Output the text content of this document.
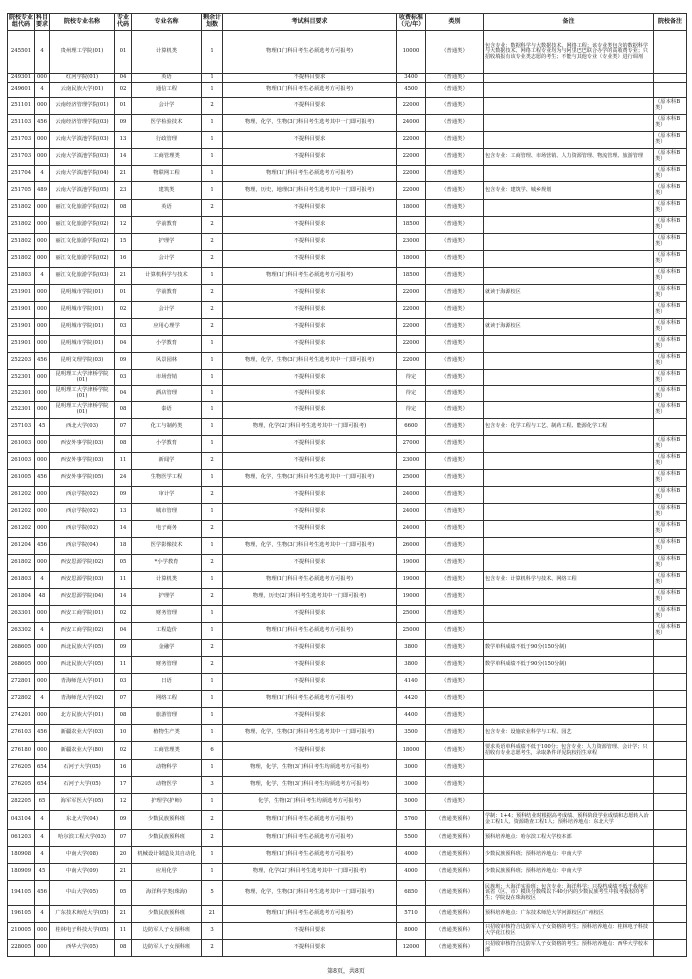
院校专业组代码	科目要求	院校专业名称	专业代码	专业名称	剩余计划数	考试科目要求	收费标准（元/年）	类别	备注	院校备注
245501	4	贵州理工学院(01)	01	计算机类	1	物理(1门科目考生必须选考方可报考)	10000	（普通类）	包含专业：数据科学与大数据技术、网络工程；该专业类包含的数据科学与大数据技术、网络工程专业均为与阿里巴巴联合办学的高收费专业；只招收填报有该专业类志愿的考生；不能与其他专业（专业类）进行调剂	
249301	000	红河学院(01)	04	英语	1	不提科目要求	3400	（普通类）		
249601	4	云南民族大学(01)	02	通信工程	1	物理(1门科目考生必须选考方可报考)	4500	（普通类）		
251101	000	云南经济管理学院(01)	01	会计学	2	不提科目要求	22000	（普通类）		（原本科B类）
251103	456	云南经济管理学院(03)	09	医学检验技术	1	物理，化学，生物(3门科目考生选考其中一门即可报考)	24000	（普通类）		（原本科B类）
251703	000	云南大学滇池学院(03)	13	行政管理	1	不提科目要求	22000	（普通类）		（原本科B类）
251703	000	云南大学滇池学院(03)	14	工商管理类	1	不提科目要求	22000	（普通类）	包含专业：工商管理、市场营销、人力资源管理、物流管理、旅游管理	（原本科B类）
251704	4	云南大学滇池学院(04)	21	物联网工程	1	物理(1门科目考生必须选考方可报考)	22000	（普通类）		（原本科B类）
251705	489	云南大学滇池学院(05)	23	建筑类	1	物理，历史，地理(3门科目考生选考其中一门即可报考)	22000	（普通类）	包含专业：建筑学、城乡规划	（原本科B类）
251802	000	丽江文化旅游学院(02)	08	英语	2	不提科目要求	18000	（普通类）		（原本科B类）
251802	000	丽江文化旅游学院(02)	12	学前教育	2	不提科目要求	18500	（普通类）		（原本科B类）
251802	000	丽江文化旅游学院(02)	15	护理学	2	不提科目要求	23000	（普通类）		（原本科B类）
251802	000	丽江文化旅游学院(02)	16	会计学	2	不提科目要求	18000	（普通类）		（原本科B类）
251803	4	丽江文化旅游学院(03)	21	计算机科学与技术	1	物理(1门科目考生必须选考方可报考)	18500	（普通类）		（原本科B类）
251901	000	昆明城市学院(01)	01	学前教育	2	不提科目要求	22000	（普通类）	就读于海源校区	（原本科B类）
251901	000	昆明城市学院(01)	02	会计学	2	不提科目要求	22000	（普通类）		（原本科B类）
251901	000	昆明城市学院(01)	03	应用心理学	2	不提科目要求	22000	（普通类）	就读于海源校区	（原本科B类）
251901	000	昆明城市学院(01)	04	小学教育	1	不提科目要求	22000	（普通类）		（原本科B类）
252203	456	昆明文理学院(03)	09	风景园林	1	物理，化学，生物(3门科目考生选考其中一门即可报考)	22000	（普通类）		（原本科B类）
252301	000	昆明理工大学津桥学院(01)	03	市场营销	1	不提科目要求	待定	（普通类）		（原本科B类）
252301	000	昆明理工大学津桥学院(01)	04	酒店管理	1	不提科目要求	待定	（普通类）		（原本科B类）
252301	000	昆明理工大学津桥学院(01)	08	泰语	1	不提科目要求	待定	（普通类）		（原本科B类）
257103	45	西北大学(03)	07	化工与制药类	1	物理，化学(2门科目考生选考其中一门即可报考)	6600	（普通类）	包含专业：化学工程与工艺、制药工程、能源化学工程	
261003	000	西安外事学院(03)	08	小学教育	1	不提科目要求	27000	（普通类）		（原本科B类）
261003	000	西安外事学院(03)	11	新闻学	2	不提科目要求	23000	（普通类）		（原本科B类）
261005	456	西安外事学院(05)	24	生物医学工程	1	物理，化学，生物(3门科目考生选考其中一门即可报考)	25000	（普通类）		（原本科B类）
261202	000	西京学院(02)	09	审计学	2	不提科目要求	24000	（普通类）		（原本科B类）
261202	000	西京学院(02)	13	城市管理	1	不提科目要求	24000	（普通类）		（原本科B类）
261202	000	西京学院(02)	14	电子商务	2	不提科目要求	24000	（普通类）		（原本科B类）
261204	456	西京学院(04)	18	医学影像技术	1	物理，化学，生物(3门科目考生选考其中一门即可报考)	26000	（普通类）		（原本科B类）
261802	000	西安思源学院(02)	05	*小学教育	2	不提科目要求	19000	（普通类）		（原本科B类）
261803	4	西安思源学院(03)	11	计算机类	1	物理(1门科目考生必须选考方可报考)	19000	（普通类）	包含专业：计算机科学与技术、网络工程	（原本科B类）
261804	48	西安思源学院(04)	14	护理学	2	物理，历史(2门科目考生选考其中一门即可报考)	19000	（普通类）		（原本科B类）
263301	000	西安工商学院(01)	02	财务管理	1	不提科目要求	25000	（普通类）		（原本科B类）
263302	4	西安工商学院(02)	04	工程造价	1	物理(1门科目考生必须选考方可报考)	25000	（普通类）		（原本科B类）
268605	000	西北民族大学(05)	09	金融学	2	不提科目要求	3800	（普通类）	数学单科成绩不低于90分(150分制)	
268605	000	西北民族大学(05)	11	财务管理	2	不提科目要求	3800	（普通类）	数学单科成绩不低于90分(150分制)	
272801	000	青海师范大学(01)	03	日语	1	不提科目要求	4140	（普通类）		
272802	4	青海师范大学(02)	07	网络工程	1	物理(1门科目考生必须选考方可报考)	4420	（普通类）		
274201	000	北方民族大学(01)	08	旅游管理	1	不提科目要求	4400	（普通类）		
276103	456	新疆农业大学(03)	10	植物生产类	1	物理，化学，生物(3门科目考生选考其中一门即可报考)	3500	（普通类）	包含专业：设施农业科学与工程、园艺	
276180	000	新疆农业大学(80)	02	工商管理类	6	不提科目要求	18000	（普通类）	要求英语单科成绩不低于100分；包含专业：人力资源管理、会计学；只招收有专业志愿考生，录取条件详见院校招生章程	
276205	654	石河子大学(05)	16	动物科学	1	物理，化学，生物(3门科目考生均须选考方可报考)	3000	（普通类）		
276205	654	石河子大学(05)	17	动物医学	3	物理，化学，生物(3门科目考生均须选考方可报考)	3000	（普通类）		
282205	65	海军军医大学(05)	12	护理学(护师)	1	化学，生物(2门科目考生均须选考方可报考)	5000	（普通类）		
043104	4	东北大学(04)	09	少数民族预科班	2	物理(1门科目考生必须选考方可报考)	5760	（普通类预科）	学制：1+4；预科结业时根据高考成绩、预科阶段学业成绩和志愿转入冶金工程1人、资源勘查工程1人；预科培养地点：东北大学	
061203	4	哈尔滨工程大学(03)	07	少数民族预科班	2	物理(1门科目考生必须选考方可报考)	5500	（普通类预科）	预科培养地点：哈尔滨工程大学校本部	
180908	4	中南大学(08)	20	机械设计制造及其自动化	1	物理(1门科目考生必须选考方可报考)	4000	（普通类预科）	少数民族预科班；预科培养地点：中南大学	
180909	45	中南大学(09)	21	应用化学	1	物理，化学(2门科目考生选考其中一门即可报考)	4000	（普通类预科）	少数民族预科班；预科培养地点：中南大学	
194105	456	中山大学(05)	05	海洋科学类(珠海)	5	物理，化学，生物(3门科目考生选考其中一门即可报考)	6850	（普通类预科）	民族班；大海洋实验班；包含专业：海洋科学；只投档成绩不低于我校在该省（区、市）模块分数线以下40分内的少数民族考生中报考我校的考生；学院设在珠海校区	
196105	4	广东技术师范大学(05)	21	少数民族预科班	21	物理(1门科目考生必须选考方可报考)	5710	（普通类预科）	预科培养地点：广东技术师范大学河源校区/广州校区	
210005	000	桂林电子科技大学(05)	11	边防军人子女预科班	3	不提科目要求	8000	（普通类预科）	只招收审核符合边防军人子女资格的考生；预科培养地点：桂林电子科技大学花江校区	
228005	000	西华大学(05)	08	边防军人子女预科班	2	不提科目要求	12000	（普通类预科）	只招收审核符合边防军人子女资格的考生；预科培养地点：西华大学校本部	
第8页，共8页
